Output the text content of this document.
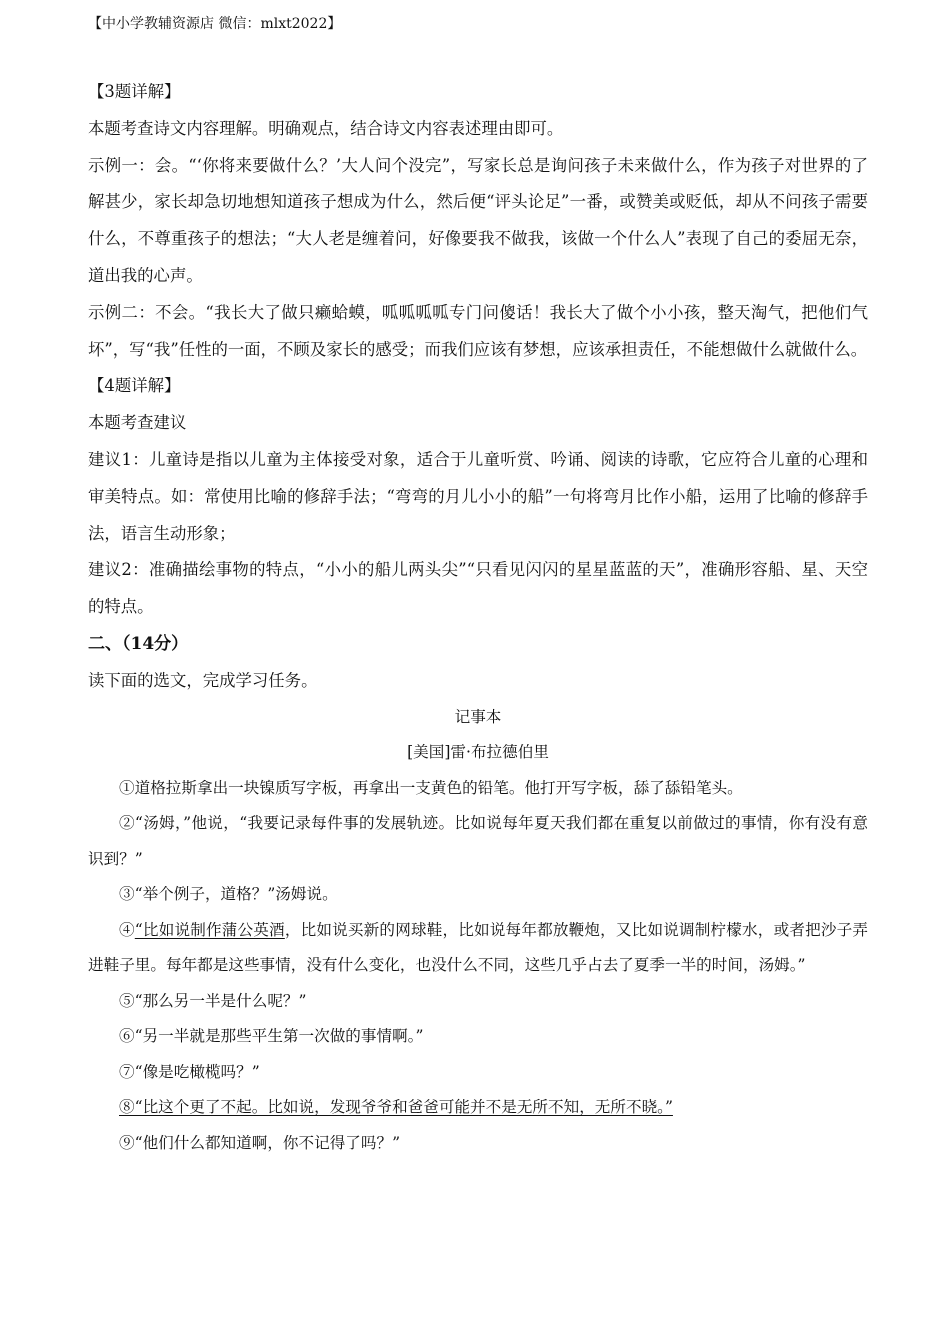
【中小学教辅资源店 微信：mlxt2022】

【3题详解】

本题考查诗文内容理解。明确观点，结合诗文内容表述理由即可。

示例一：会。“‘你将来要做什么？’大人问个没完”，写家长总是询问孩子未来做什么，作为孩子对世界的了解甚少，家长却急切地想知道孩子想成为什么，然后便“评头论足”一番，或赞美或贬低，却从不问孩子需要什么，不尊重孩子的想法；“大人老是缠着问，好像要我不做我，该做一个什么人”表现了自己的委屈无奈，道出我的心声。

示例二：不会。“我长大了做只癞蛤蟆，呱呱呱呱专门问傻话！我长大了做个小小孩，整天淘气，把他们气坏”，写“我”任性的一面，不顾及家长的感受；而我们应该有梦想，应该承担责任，不能想做什么就做什么。

【4题详解】

本题考查建议

建议1：儿童诗是指以儿童为主体接受对象，适合于儿童听赏、吟诵、阅读的诗歌，它应符合儿童的心理和审美特点。如：常使用比喻的修辞手法；“弯弯的月儿小小的船”一句将弯月比作小船，运用了比喻的修辞手法，语言生动形象；

建议2：准确描绘事物的特点，“小小的船儿两头尖”“只看见闪闪的星星蓝蓝的天”，准确形容船、星、天空的特点。

二、（14分）

读下面的选文，完成学习任务。

记事本

[美国]雷·布拉德伯里

①道格拉斯拿出一块镍质写字板，再拿出一支黄色的铅笔。他打开写字板，舔了舔铅笔头。

②“汤姆，”他说，“我要记录每件事的发展轨迹。比如说每年夏天我们都在重复以前做过的事情，你有没有意识到？”

③“举个例子，道格？”汤姆说。

④“比如说制作蒲公英酒，比如说买新的网球鞋，比如说每年都放鞭炮，又比如说调制柠檬水，或者把沙子弄进鞋子里。每年都是这些事情，没有什么变化，也没什么不同，这些几乎占去了夏季一半的时间，汤姆。”

⑤“那么另一半是什么呢？”

⑥“另一半就是那些平生第一次做的事情啊。”

⑦“像是吃橄榄吗？”

⑧“比这个更了不起。比如说，发现爷爷和爸爸可能并不是无所不知，无所不晓。”

⑨“他们什么都知道啊，你不记得了吗？”
